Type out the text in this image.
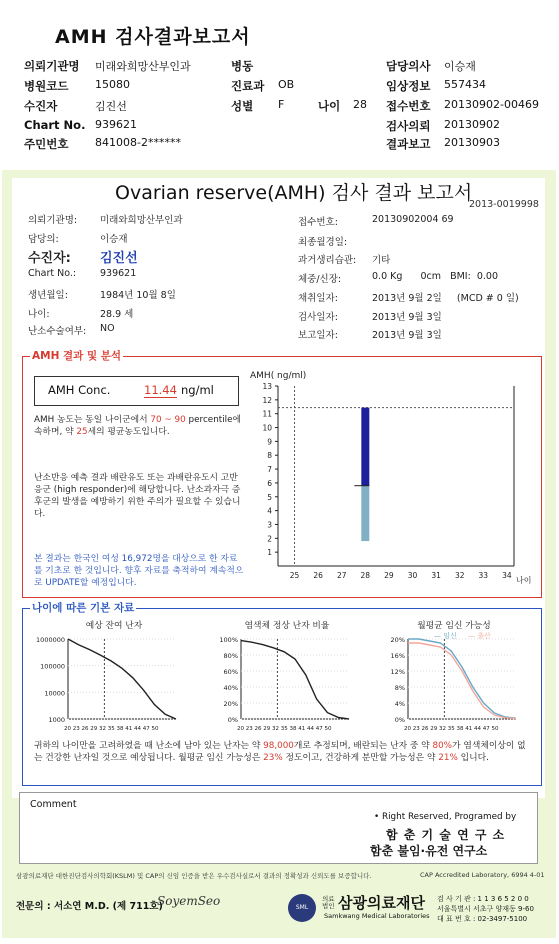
AMH 검사결과보고서
의뢰기관명 미래와희망산부인과
병원코드 15080
수진자	김진선
Chart No. 939621
주민번호 841008-2******
병동
진료과 OB
성별 F	나이 28
담당의사 이승재
임상정보 557434
접수번호 20130902-00469
검사의뢰 20130902
결과보고 20130903
Ovarian reserve(AMH) 검사 결과 보고서
2013-0019998
의뢰기관명: 미래와희망산부인과
담당의:	이승재
수진자: 김진선
Chart No.:	939621
생년월일:	1984년 10월 8일
나이:	28.9 세
난소수술여부: NO
접수번호:	20130902004 69
최종월경일:
과거생리습관: 기타
체중/신장:	0.0 Kg      0cm   BMI:  0.00
채취일자:	2013년 9월 2일     (MCD # 0 일)
검사일자:	2013년 9월 3일
보고일자:	2013년 9월 3일
AMH 결과 및 분석
AMH Conc.	11.44 ng/ml
AMH 농도는 동일 나이군에서 70 ~ 90 percentile에 속하며, 약 25세의 평균농도입니다.
난소반응 예측 결과 배란유도 또는 과배란유도시 고반응군 (high responder)에 해당합니다. 난소과자극 증후군의 발생을 예방하기 위한 주의가 필요할 수 있습니다.
본 결과는 한국인 여성 16,972명을 대상으로 한 자료를 기초로 한 것입니다. 향후 자료를 축적하여 계속적으로 UPDATE할 예정입니다.
AMH( ng/ml)
1
2
3
4
5
6
7
8
9
10
11
12
13
25 26 27 28 29 30 31 32 33 34
나이
나이에 따른 기본 자료
예상 잔여 난자
1000000
100000
10000
1000
20 23 26 29 32 35 38 41 44 47 50
염색체 정상 난자 비율
100%
80%
60%
40%
20%
0%
20 23 26 29 32 35 38 41 44 47 50
월평균 임신 가능성
20%
16%
12%
8%
4%
0%
20 23 26 29 32 35 38 41 44 47 50
— 임신 — 출산
귀하의 나이만을 고려하였을 때 난소에 남아 있는 난자는 약 98,000개로 추정되며, 배란되는 난자 중 약 80%가 염색체이상이 없는 건강한 난자일 것으로 예상됩니다. 월평균 임신 가능성은 23% 정도이고, 건강하게 분만할 가능성은 약 21% 입니다.
Comment
• Right Reserved, Programed by
함 춘 기 술 연 구 소
함춘 불임·유전 연구소
삼광의료재단 대한진단검사의학회(KSLM) 및 CAP의 신임 인증을 받은 우수검사실로서 결과의 정확성과 신뢰도를 보증합니다.	CAP Accredited Laboratory, 6994 4-01
전문의 : 서소연 M.D. (제 711호)
SoyemSeo	SML
의료
법인 삼광의료재단
Samkwang Medical Laboratories
검 사 기 관 : 1 1 3 6 5 2 0 0
서울특별시 서초구 양재동 9-60
대 표 번 호 : 02-3497-5100
